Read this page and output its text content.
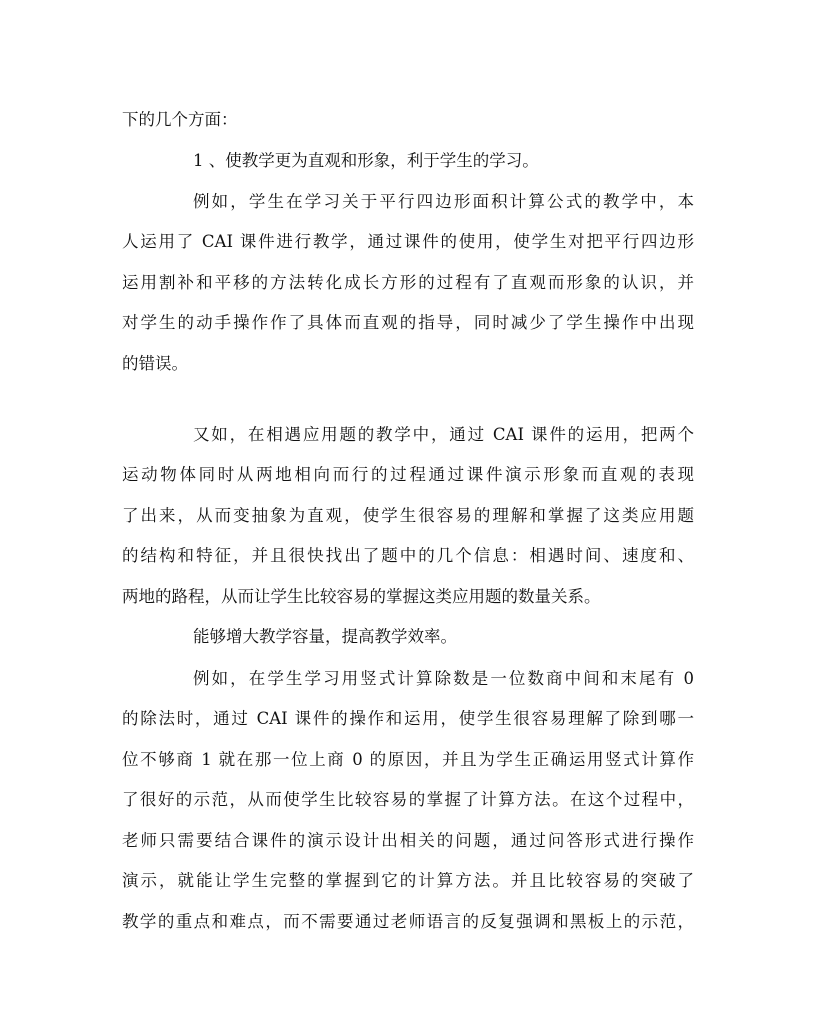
下的几个方面：
1 、使教学更为直观和形象，利于学生的学习。
例如，学生在学习关于平行四边形面积计算公式的教学中，本
人运用了 CAI 课件进行教学，通过课件的使用，使学生对把平行四边形
运用割补和平移的方法转化成长方形的过程有了直观而形象的认识，并
对学生的动手操作作了具体而直观的指导，同时减少了学生操作中出现
的错误。
又如，在相遇应用题的教学中，通过 CAI 课件的运用，把两个
运动物体同时从两地相向而行的过程通过课件演示形象而直观的表现
了出来，从而变抽象为直观，使学生很容易的理解和掌握了这类应用题
的结构和特征，并且很快找出了题中的几个信息：相遇时间、速度和、
两地的路程，从而让学生比较容易的掌握这类应用题的数量关系。
能够增大教学容量，提高教学效率。
例如，在学生学习用竖式计算除数是一位数商中间和末尾有 0
的除法时，通过 CAI 课件的操作和运用，使学生很容易理解了除到哪一
位不够商 1 就在那一位上商 0 的原因，并且为学生正确运用竖式计算作
了很好的示范，从而使学生比较容易的掌握了计算方法。在这个过程中，
老师只需要结合课件的演示设计出相关的问题，通过问答形式进行操作
演示，就能让学生完整的掌握到它的计算方法。并且比较容易的突破了
教学的重点和难点，而不需要通过老师语言的反复强调和黑板上的示范，
